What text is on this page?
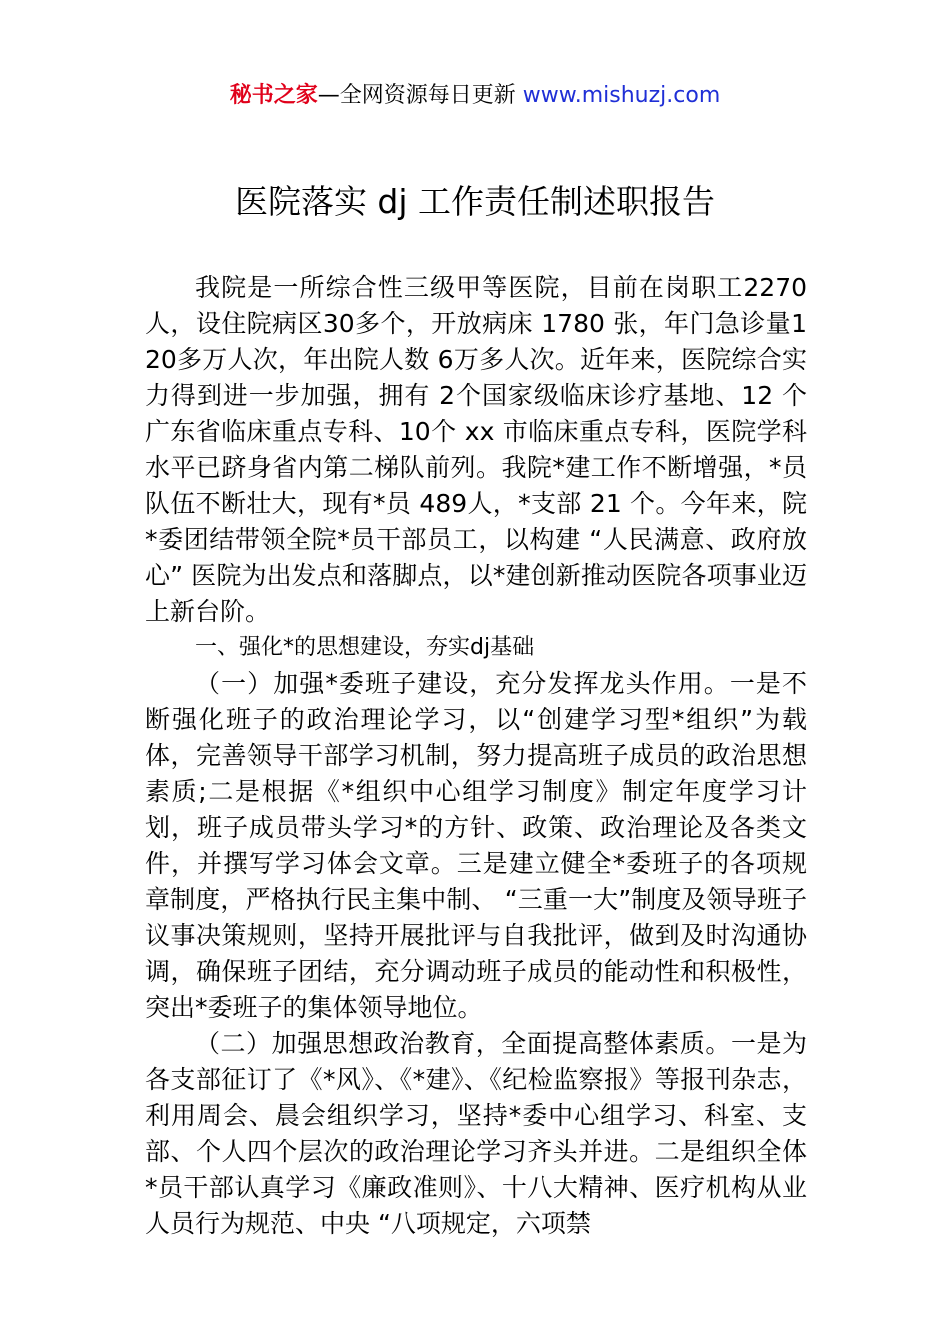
秘书之家—全网资源每日更新 www.mishuzj.com
医院落实 dj 工作责任制述职报告

我院是一所综合性三级甲等医院，目前在岗职工2270人，设住院病区30多个，开放病床 1780 张，年门急诊量120多万人次，年出院人数 6万多人次。近年来，医院综合实力得到进一步加强，拥有 2个国家级临床诊疗基地、12 个广东省临床重点专科、10个 xx 市临床重点专科，医院学科水平已跻身省内第二梯队前列。我院*建工作不断增强，*员队伍不断壮大，现有*员 489人，*支部 21 个。今年来，院*委团结带领全院*员干部员工，以构建 “人民满意、政府放心” 医院为出发点和落脚点，以*建创新推动医院各项事业迈上新台阶。

一、强化*的思想建设，夯实dj基础

（一）加强*委班子建设，充分发挥龙头作用。一是不断强化班子的政治理论学习，以“创建学习型*组织”为载体，完善领导干部学习机制，努力提高班子成员的政治思想素质;二是根据《*组织中心组学习制度》制定年度学习计划，班子成员带头学习*的方针、政策、政治理论及各类文件，并撰写学习体会文章。三是建立健全*委班子的各项规章制度，严格执行民主集中制、 “三重一大”制度及领导班子议事决策规则，坚持开展批评与自我批评，做到及时沟通协调，确保班子团结，充分调动班子成员的能动性和积极性，突出*委班子的集体领导地位。

（二）加强思想政治教育，全面提高整体素质。一是为各支部征订了《*风》、《*建》、《纪检监察报》等报刊杂志，利用周会、晨会组织学习，坚持*委中心组学习、科室、支部、个人四个层次的政治理论学习齐头并进。二是组织全体*员干部认真学习《廉政准则》、十八大精神、医疗机构从业人员行为规范、中央 “八项规定，六项禁
